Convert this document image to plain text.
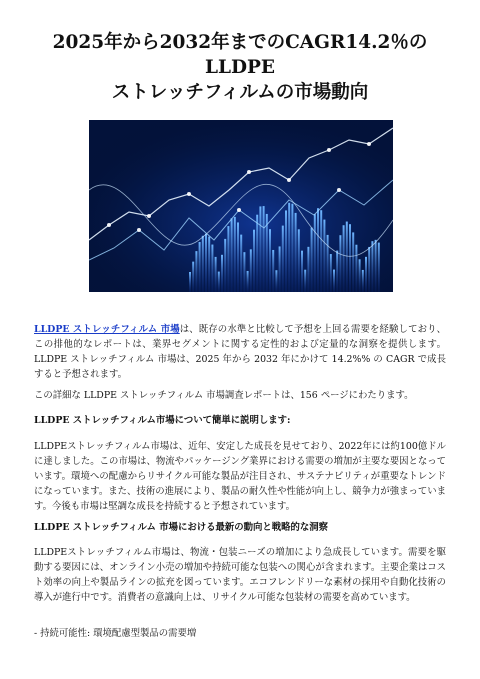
2025年から2032年までのCAGR14.2％のLLDPE
ストレッチフィルムの市場動向

LLDPE ストレッチフィルム 市場は、既存の水準と比較して予想を上回る需要を経験しており、この排他的なレポートは、業界セグメントに関する定性的および定量的な洞察を提供します。 LLDPE ストレッチフィルム 市場は、2025 年から 2032 年にかけて 14.2%% の CAGR で成長すると予想されます。

この詳細な LLDPE ストレッチフィルム 市場調査レポートは、156 ページにわたります。

LLDPE ストレッチフィルム市場について簡単に説明します:

LLDPEストレッチフィルム市場は、近年、安定した成長を見せており、2022年には約100億ドルに達しました。この市場は、物流やパッケージング業界における需要の増加が主要な要因となっています。環境への配慮からリサイクル可能な製品が注目され、サステナビリティが重要なトレンドになっています。また、技術の進展により、製品の耐久性や性能が向上し、競争力が強まっています。今後も市場は堅調な成長を持続すると予想されています。

LLDPE ストレッチフィルム 市場における最新の動向と戦略的な洞察

LLDPEストレッチフィルム市場は、物流・包装ニーズの増加により急成長しています。需要を駆動する要因には、オンライン小売の増加や持続可能な包装への関心が含まれます。主要企業はコスト効率の向上や製品ラインの拡充を図っています。エコフレンドリーな素材の採用や自動化技術の導入が進行中です。消費者の意識向上は、リサイクル可能な包装材の需要を高めています。

- 持続可能性: 環境配慮型製品の需要増
